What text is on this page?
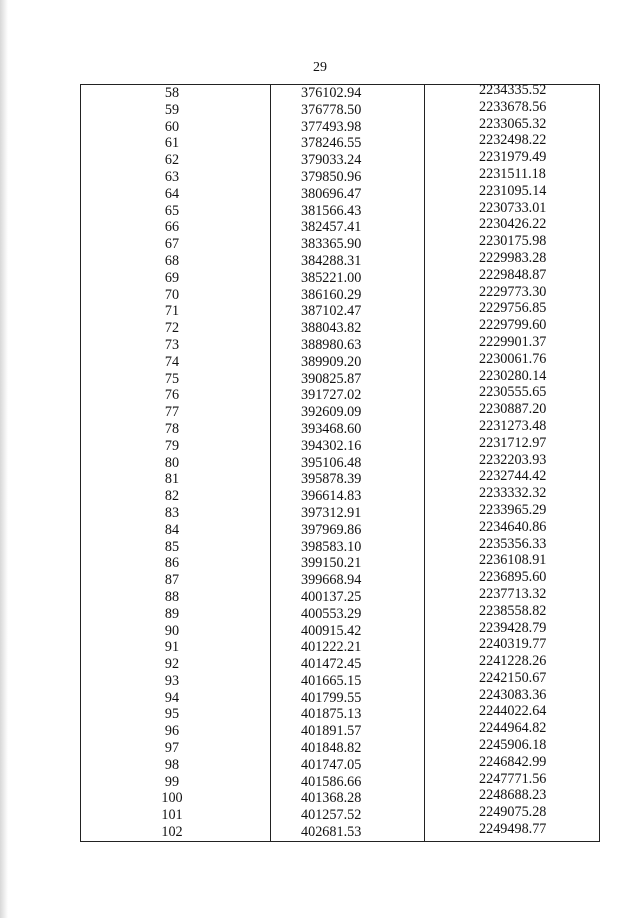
29
58	376102.94	2234335.52
59	376778.50	2233678.56
60	377493.98	2233065.32
61	378246.55	2232498.22
62	379033.24	2231979.49
63	379850.96	2231511.18
64	380696.47	2231095.14
65	381566.43	2230733.01
66	382457.41	2230426.22
67	383365.90	2230175.98
68	384288.31	2229983.28
69	385221.00	2229848.87
70	386160.29	2229773.30
71	387102.47	2229756.85
72	388043.82	2229799.60
73	388980.63	2229901.37
74	389909.20	2230061.76
75	390825.87	2230280.14
76	391727.02	2230555.65
77	392609.09	2230887.20
78	393468.60	2231273.48
79	394302.16	2231712.97
80	395106.48	2232203.93
81	395878.39	2232744.42
82	396614.83	2233332.32
83	397312.91	2233965.29
84	397969.86	2234640.86
85	398583.10	2235356.33
86	399150.21	2236108.91
87	399668.94	2236895.60
88	400137.25	2237713.32
89	400553.29	2238558.82
90	400915.42	2239428.79
91	401222.21	2240319.77
92	401472.45	2241228.26
93	401665.15	2242150.67
94	401799.55	2243083.36
95	401875.13	2244022.64
96	401891.57	2244964.82
97	401848.82	2245906.18
98	401747.05	2246842.99
99	401586.66	2247771.56
100	401368.28	2248688.23
101	401257.52	2249075.28
102	402681.53	2249498.77
